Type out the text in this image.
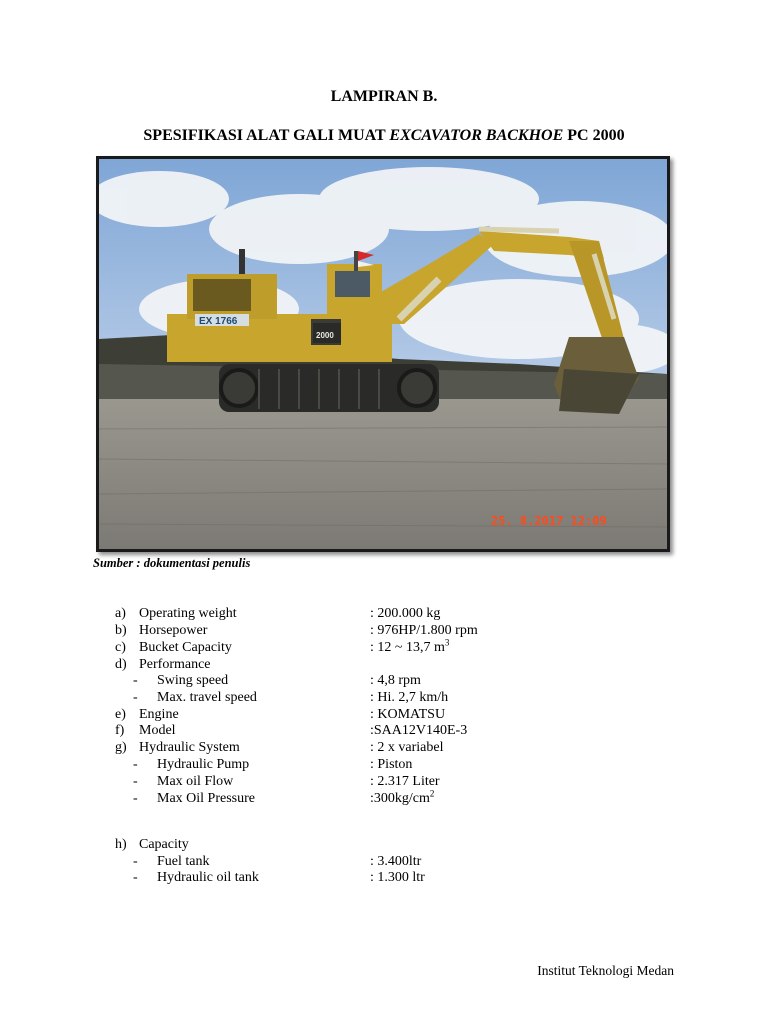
LAMPIRAN B.
SPESIFIKASI ALAT GALI MUAT EXCAVATOR BACKHOE PC 2000
EX 1766
2000
25. 8.2017 12:09
Sumber : dokumentasi penulis
a) Operating weight	: 200.000 kg
b) Horsepower	: 976HP/1.800 rpm
c) Bucket Capacity	: 12 ~ 13,7 $m^3$
d) Performance
- Swing speed	: 4,8 rpm
- Max. travel speed	: Hi. 2,7 km/h
e) Engine	: KOMATSU
f) Model	:SAA12V140E-3
g) Hydraulic System	: 2 x variabel
- Hydraulic Pump	: Piston
- Max oil Flow	: 2.317 Liter
- Max Oil Pressure	$:300kg/cm^2$
h) Capacity
- Fuel tank	: 3.400ltr
- Hydraulic oil tank	: 1.300 ltr
Institut Teknologi Medan
